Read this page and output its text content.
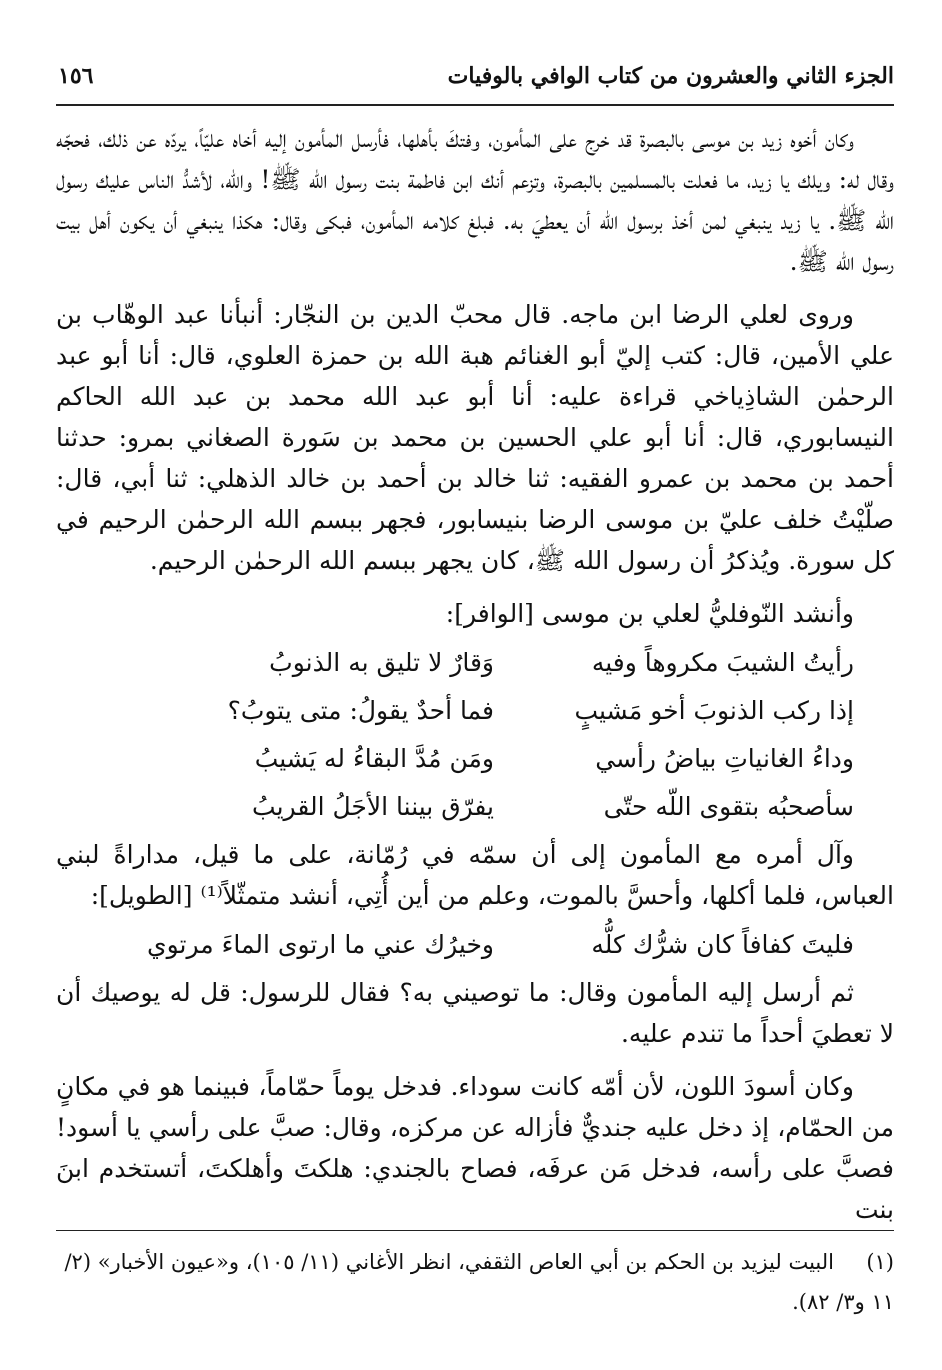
الجزء الثاني والعشرون من كتاب الوافي بالوفيات
١٥٦

وكان أخوه زيد بن موسى بالبصرة قد خرج على المأمون، وفتكَ بأهلها، فأرسل المأمون إليه أخاه عليّاً، يردّه عن ذلك، فحجّه وقال له: ويلك يا زيد، ما فعلت بالمسلمين بالبصرة، وتزعم أنك ابن فاطمة بنت رسول الله ﷺ! والله، لأشدُّ الناس عليك رسول الله ﷺ. يا زيد ينبغي لمن أخذ برسول الله أن يعطيَ به. فبلغ كلامه المأمون، فبكى وقال: هكذا ينبغي أن يكون أهل بيت رسول الله ﷺ.

وروى لعلي الرضا ابن ماجه. قال محبّ الدين بن النجّار: أنبأنا عبد الوهّاب بن علي الأمين، قال: كتب إليّ أبو الغنائم هبة الله بن حمزة العلوي، قال: أنا أبو عبد الرحمٰن الشاذِياخي قراءة عليه: أنا أبو عبد الله محمد بن عبد الله الحاكم النيسابوري، قال: أنا أبو علي الحسين بن محمد بن سَورة الصغاني بمرو: حدثنا أحمد بن محمد بن عمرو الفقيه: ثنا خالد بن أحمد بن خالد الذهلي: ثنا أبي، قال: صلّيْتُ خلف عليّ بن موسى الرضا بنيسابور، فجهر ببسم الله الرحمٰن الرحيم في كل سورة. ويُذكرُ أن رسول الله ﷺ، كان يجهر ببسم الله الرحمٰن الرحيم.

وأنشد النّوفليُّ لعلي بن موسى [الوافر]:

رأيتُ الشيبَ مكروهاً وفيه
وَقارٌ لا تليق به الذنوبُ
إذا ركب الذنوبَ أخو مَشيبٍ
فما أحدٌ يقولُ: متى يتوبُ؟
وداءُ الغانياتِ بياضُ رأسي
ومَن مُدَّ البقاءُ له يَشيبُ
سأصحبُه بتقوى اللّه حتّى
يفرّق بيننا الأجَلُ القريبُ

وآل أمره مع المأمون إلى أن سمّه في رُمّانة، على ما قيل، مداراةً لبني العباس، فلما أكلها، وأحسَّ بالموت، وعلم من أين أُتِي، أنشد متمثّلاً⁽¹⁾ [الطويل]:

فليتَ كفافاً كان شرُّك كلُّه
وخيرُك عني ما ارتوى الماءَ مرتوي

ثم أرسل إليه المأمون وقال: ما توصيني به؟ فقال للرسول: قل له يوصيك أن لا تعطيَ أحداً ما تندم عليه.

وكان أسودَ اللون، لأن أمّه كانت سوداء. فدخل يوماً حمّاماً، فبينما هو في مكانٍ من الحمّام، إذ دخل عليه جنديٌّ فأزاله عن مركزه، وقال: صبَّ على رأسي يا أسود! فصبَّ على رأسه، فدخل مَن عرفَه، فصاح بالجندي: هلكتَ وأهلكتَ، أتستخدم ابنَ بنت

(١)البيت ليزيد بن الحكم بن أبي العاص الثقفي، انظر الأغاني (١١/ ١٠٥)، و«عيون الأخبار» (٢/ ١١ و٣/ ٨٢).
